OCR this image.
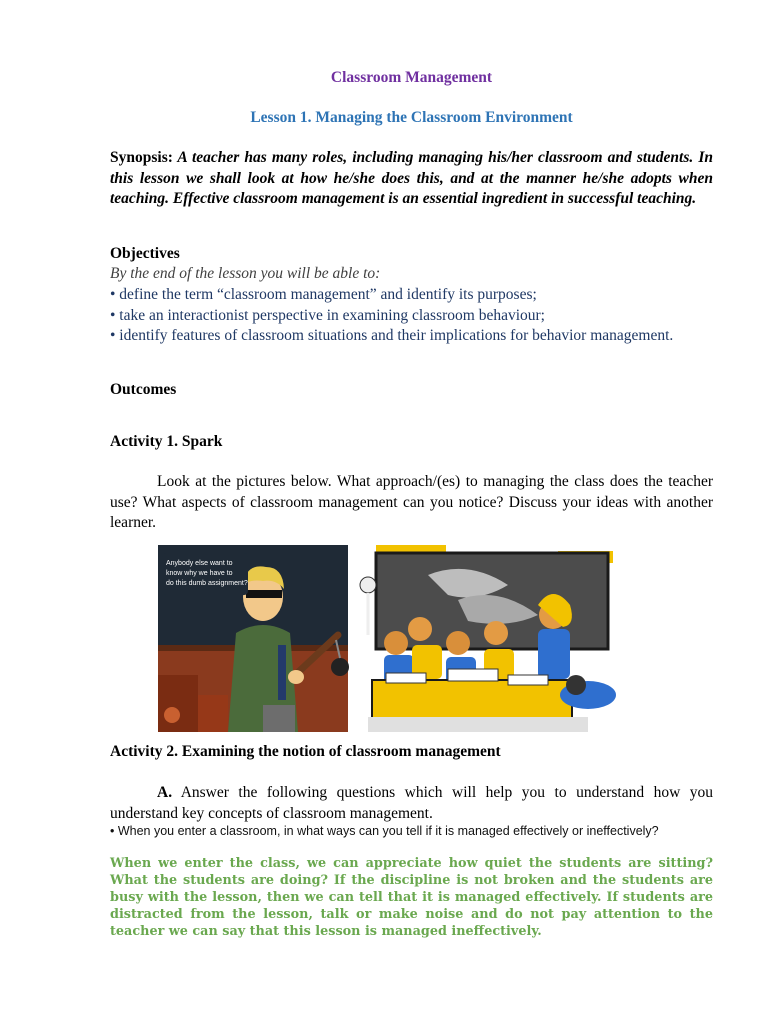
Classroom Management
Lesson 1. Managing the Classroom Environment
Synopsis: A teacher has many roles, including managing his/her classroom and students. In this lesson we shall look at how he/she does this, and at the manner he/she adopts when teaching. Effective classroom management is an essential ingredient in successful teaching.
Objectives
By the end of the lesson you will be able to:
• define the term “classroom management” and identify its purposes;
• take an interactionist perspective in examining classroom behaviour;
• identify features of classroom situations and their implications for behavior management.
Outcomes
Activity 1. Spark
Look at the pictures below. What approach/(es) to managing the class does the teacher use? What aspects of classroom management can you notice? Discuss your ideas with another learner.
Anybody else want to
know why we have to
do this dumb assignment?
Activity 2. Examining the notion of classroom management
A. Answer the following questions which will help you to understand how you understand key concepts of classroom management.
• When you enter a classroom, in what ways can you tell if it is managed effectively or ineffectively?
When we enter the class, we can appreciate how quiet the students are sitting? What the students are doing? If the discipline is not broken and the students are busy with the lesson, then we can tell that it is managed effectively. If students are distracted from the lesson, talk or make noise and do not pay attention to the teacher we can say that this lesson is managed ineffectively.
